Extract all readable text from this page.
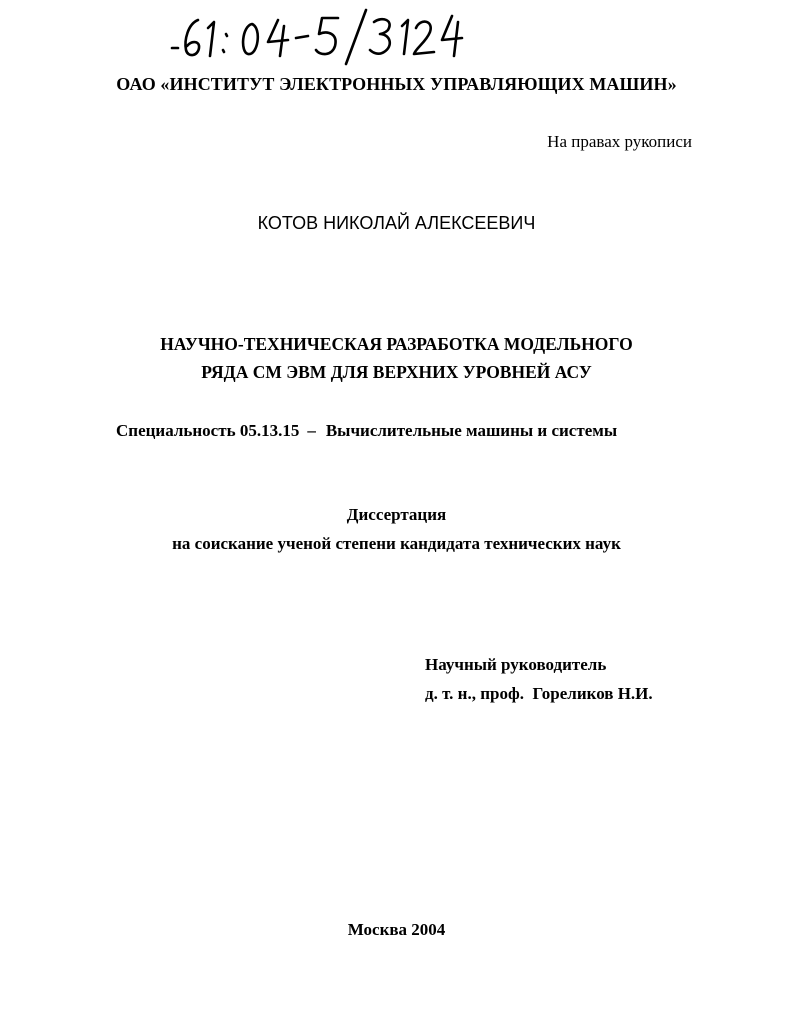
ОАО «ИНСТИТУТ ЭЛЕКТРОННЫХ УПРАВЛЯЮЩИХ МАШИН»
На правах рукописи
КОТОВ НИКОЛАЙ АЛЕКСЕЕВИЧ
НАУЧНО-ТЕХНИЧЕСКАЯ РАЗРАБОТКА МОДЕЛЬНОГО
РЯДА СМ ЭВМ ДЛЯ ВЕРХНИХ УРОВНЕЙ АСУ
Специальность 05.13.15 – Вычислительные машины и системы
Диссертация
на соискание ученой степени кандидата технических наук
Научный руководитель
д. т. н., проф.  Гореликов Н.И.
Москва 2004
